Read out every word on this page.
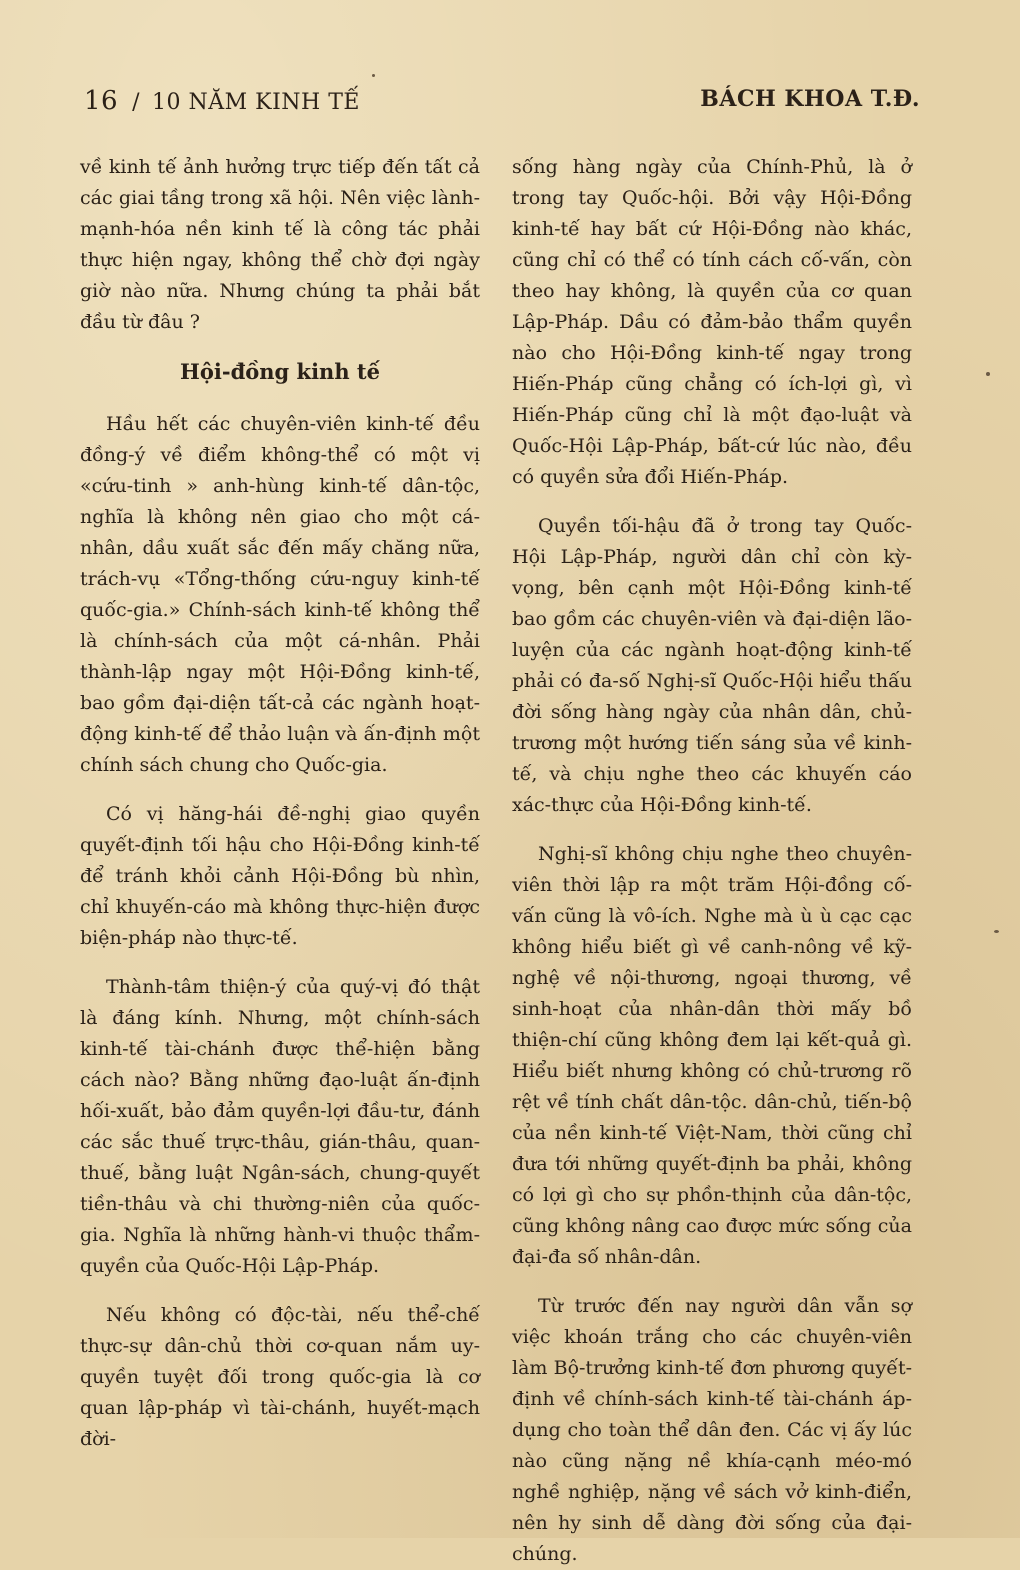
16 / 10 NĂM KINH TẾ	BÁCH KHOA T.Đ.

về kinh tế ảnh hưởng trực tiếp đến tất cả các giai tầng trong xã hội. Nên việc lành-mạnh-hóa nền kinh tế là công tác phải thực hiện ngay, không thể chờ đợi ngày giờ nào nữa. Nhưng chúng ta phải bắt đầu từ đâu ?

Hội-đồng kinh tế

Hầu hết các chuyên-viên kinh-tế đều đồng-ý về điểm không-thể có một vị «cứu-tinh » anh-hùng kinh-tế dân-tộc, nghĩa là không nên giao cho một cá-nhân, dầu xuất sắc đến mấy chăng nữa, trách-vụ «Tổng-thống cứu-nguy kinh-tế quốc-gia.» Chính-sách kinh-tế không thể là chính-sách của một cá-nhân. Phải thành-lập ngay một Hội-Đồng kinh-tế, bao gồm đại-diện tất-cả các ngành hoạt-động kinh-tế để thảo luận và ấn-định một chính sách chung cho Quốc-gia.

Có vị hăng-hái đề-nghị giao quyền quyết-định tối hậu cho Hội-Đồng kinh-tế để tránh khỏi cảnh Hội-Đồng bù nhìn, chỉ khuyến-cáo mà không thực-hiện được biện-pháp nào thực-tế.

Thành-tâm thiện-ý của quý-vị đó thật là đáng kính. Nhưng, một chính-sách kinh-tế tài-chánh được thể-hiện bằng cách nào? Bằng những đạo-luật ấn-định hối-xuất, bảo đảm quyền-lợi đầu-tư, đánh các sắc thuế trực-thâu, gián-thâu, quan-thuế, bằng luật Ngân-sách, chung-quyết tiền-thâu và chi thường-niên của quốc-gia. Nghĩa là những hành-vi thuộc thẩm-quyền của Quốc-Hội Lập-Pháp.

Nếu không có độc-tài, nếu thể-chế thực-sự dân-chủ thời cơ-quan nắm uy-quyền tuyệt đối trong quốc-gia là cơ quan lập-pháp vì tài-chánh, huyết-mạch đời-

sống hàng ngày của Chính-Phủ, là ở trong tay Quốc-hội. Bởi vậy Hội-Đồng kinh-tế hay bất cứ Hội-Đồng nào khác, cũng chỉ có thể có tính cách cố-vấn, còn theo hay không, là quyền của cơ quan Lập-Pháp. Dầu có đảm-bảo thẩm quyền nào cho Hội-Đồng kinh-tế ngay trong Hiến-Pháp cũng chẳng có ích-lợi gì, vì Hiến-Pháp cũng chỉ là một đạo-luật và Quốc-Hội Lập-Pháp, bất-cứ lúc nào, đều có quyền sửa đổi Hiến-Pháp.

Quyền tối-hậu đã ở trong tay Quốc-Hội Lập-Pháp, người dân chỉ còn kỳ-vọng, bên cạnh một Hội-Đồng kinh-tế bao gồm các chuyên-viên và đại-diện lão-luyện của các ngành hoạt-động kinh-tế phải có đa-số Nghị-sĩ Quốc-Hội hiểu thấu đời sống hàng ngày của nhân dân, chủ-trương một hướng tiến sáng sủa về kinh-tế, và chịu nghe theo các khuyến cáo xác-thực của Hội-Đồng kinh-tế.

Nghị-sĩ không chịu nghe theo chuyên-viên thời lập ra một trăm Hội-đồng cố-vấn cũng là vô-ích. Nghe mà ù ù cạc cạc không hiểu biết gì về canh-nông về kỹ-nghệ về nội-thương, ngoại thương, về sinh-hoạt của nhân-dân thời mấy bồ thiện-chí cũng không đem lại kết-quả gì. Hiểu biết nhưng không có chủ-trương rõ rệt về tính chất dân-tộc. dân-chủ, tiến-bộ của nền kinh-tế Việt-Nam, thời cũng chỉ đưa tới những quyết-định ba phải, không có lợi gì cho sự phồn-thịnh của dân-tộc, cũng không nâng cao được mức sống của đại-đa số nhân-dân.

Từ trước đến nay người dân vẫn sợ việc khoán trắng cho các chuyên-viên làm Bộ-trưởng kinh-tế đơn phương quyết-định về chính-sách kinh-tế tài-chánh áp-dụng cho toàn thể dân đen. Các vị ấy lúc nào cũng nặng nề khía-cạnh méo-mó nghề nghiệp, nặng về sách vở kinh-điển, nên hy sinh dễ dàng đời sống của đại-chúng.
